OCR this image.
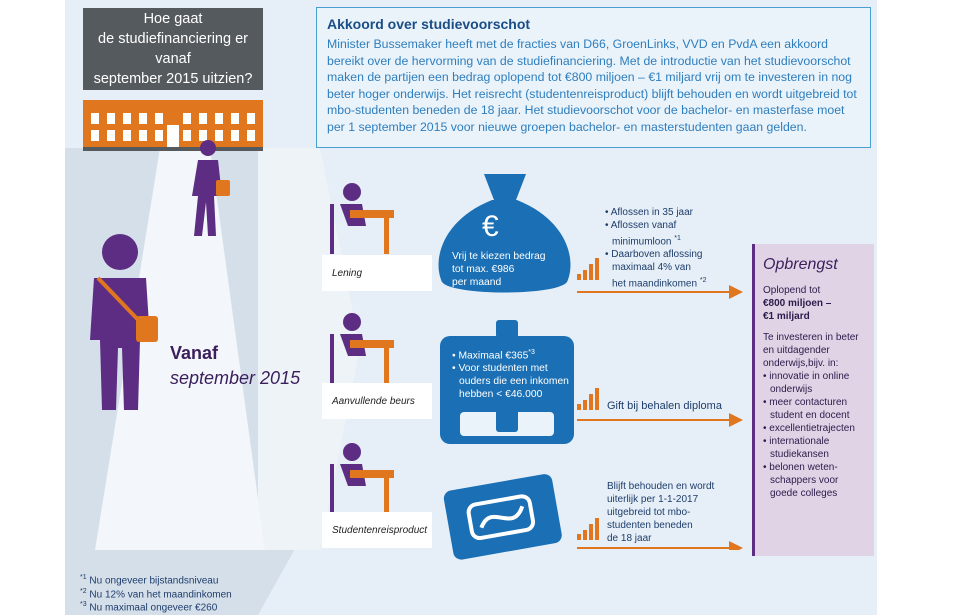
Hoe gaat
de studiefinanciering er vanaf
september 2015 uitzien?
Akkoord over studievoorschot

Minister Bussemaker heeft met de fracties van D66, GroenLinks, VVD en PvdA een akkoord bereikt over de hervorming van de studiefinanciering. Met de introductie van het studievoorschot maken de partijen een bedrag oplopend tot €800 miljoen – €1 miljard vrij om te investeren in nog beter hoger onderwijs. Het reisrecht (studentenreisproduct) blijft behouden en wordt uitgebreid tot mbo-studenten beneden de 18 jaar. Het studievoorschot voor de bachelor- en masterfase moet per 1 september 2015 voor nieuwe groepen bachelor- en masterstudenten gaan gelden.

Vanaf
september 2015
Lening
Aanvullende beurs
Studentenreisproduct
€
Vrij te kiezen bedrag
tot max. €986
per maand
• Maximaal €365$^{*3}$
• Voor studenten met
ouders die een inkomen
hebben < €46.000
• Aflossen in 35 jaar
• Aflossen vanaf
minimumloon $^{*1}$
• Daarboven aflossing
maximaal 4% van
het maandinkomen $^{*2}$
Gift bij behalen diploma
Blijft behouden en wordt
uiterlijk per 1-1-2017
uitgebreid tot mbo-
studenten beneden
de 18 jaar
Opbrengst
Oplopend tot
€800 miljoen –
€1 miljard
Te investeren in beter
en uitdagender
onderwijs,bijv. in:
• innovatie in online
onderwijs
• meer contacturen
student en docent
• excellentietrajecten
• internationale
studiekansen
• belonen weten-
schappers voor
goede colleges
$^{*1}$ Nu ongeveer bijstandsniveau
$^{*2}$ Nu 12% van het maandinkomen
$^{*3}$ Nu maximaal ongeveer €260
